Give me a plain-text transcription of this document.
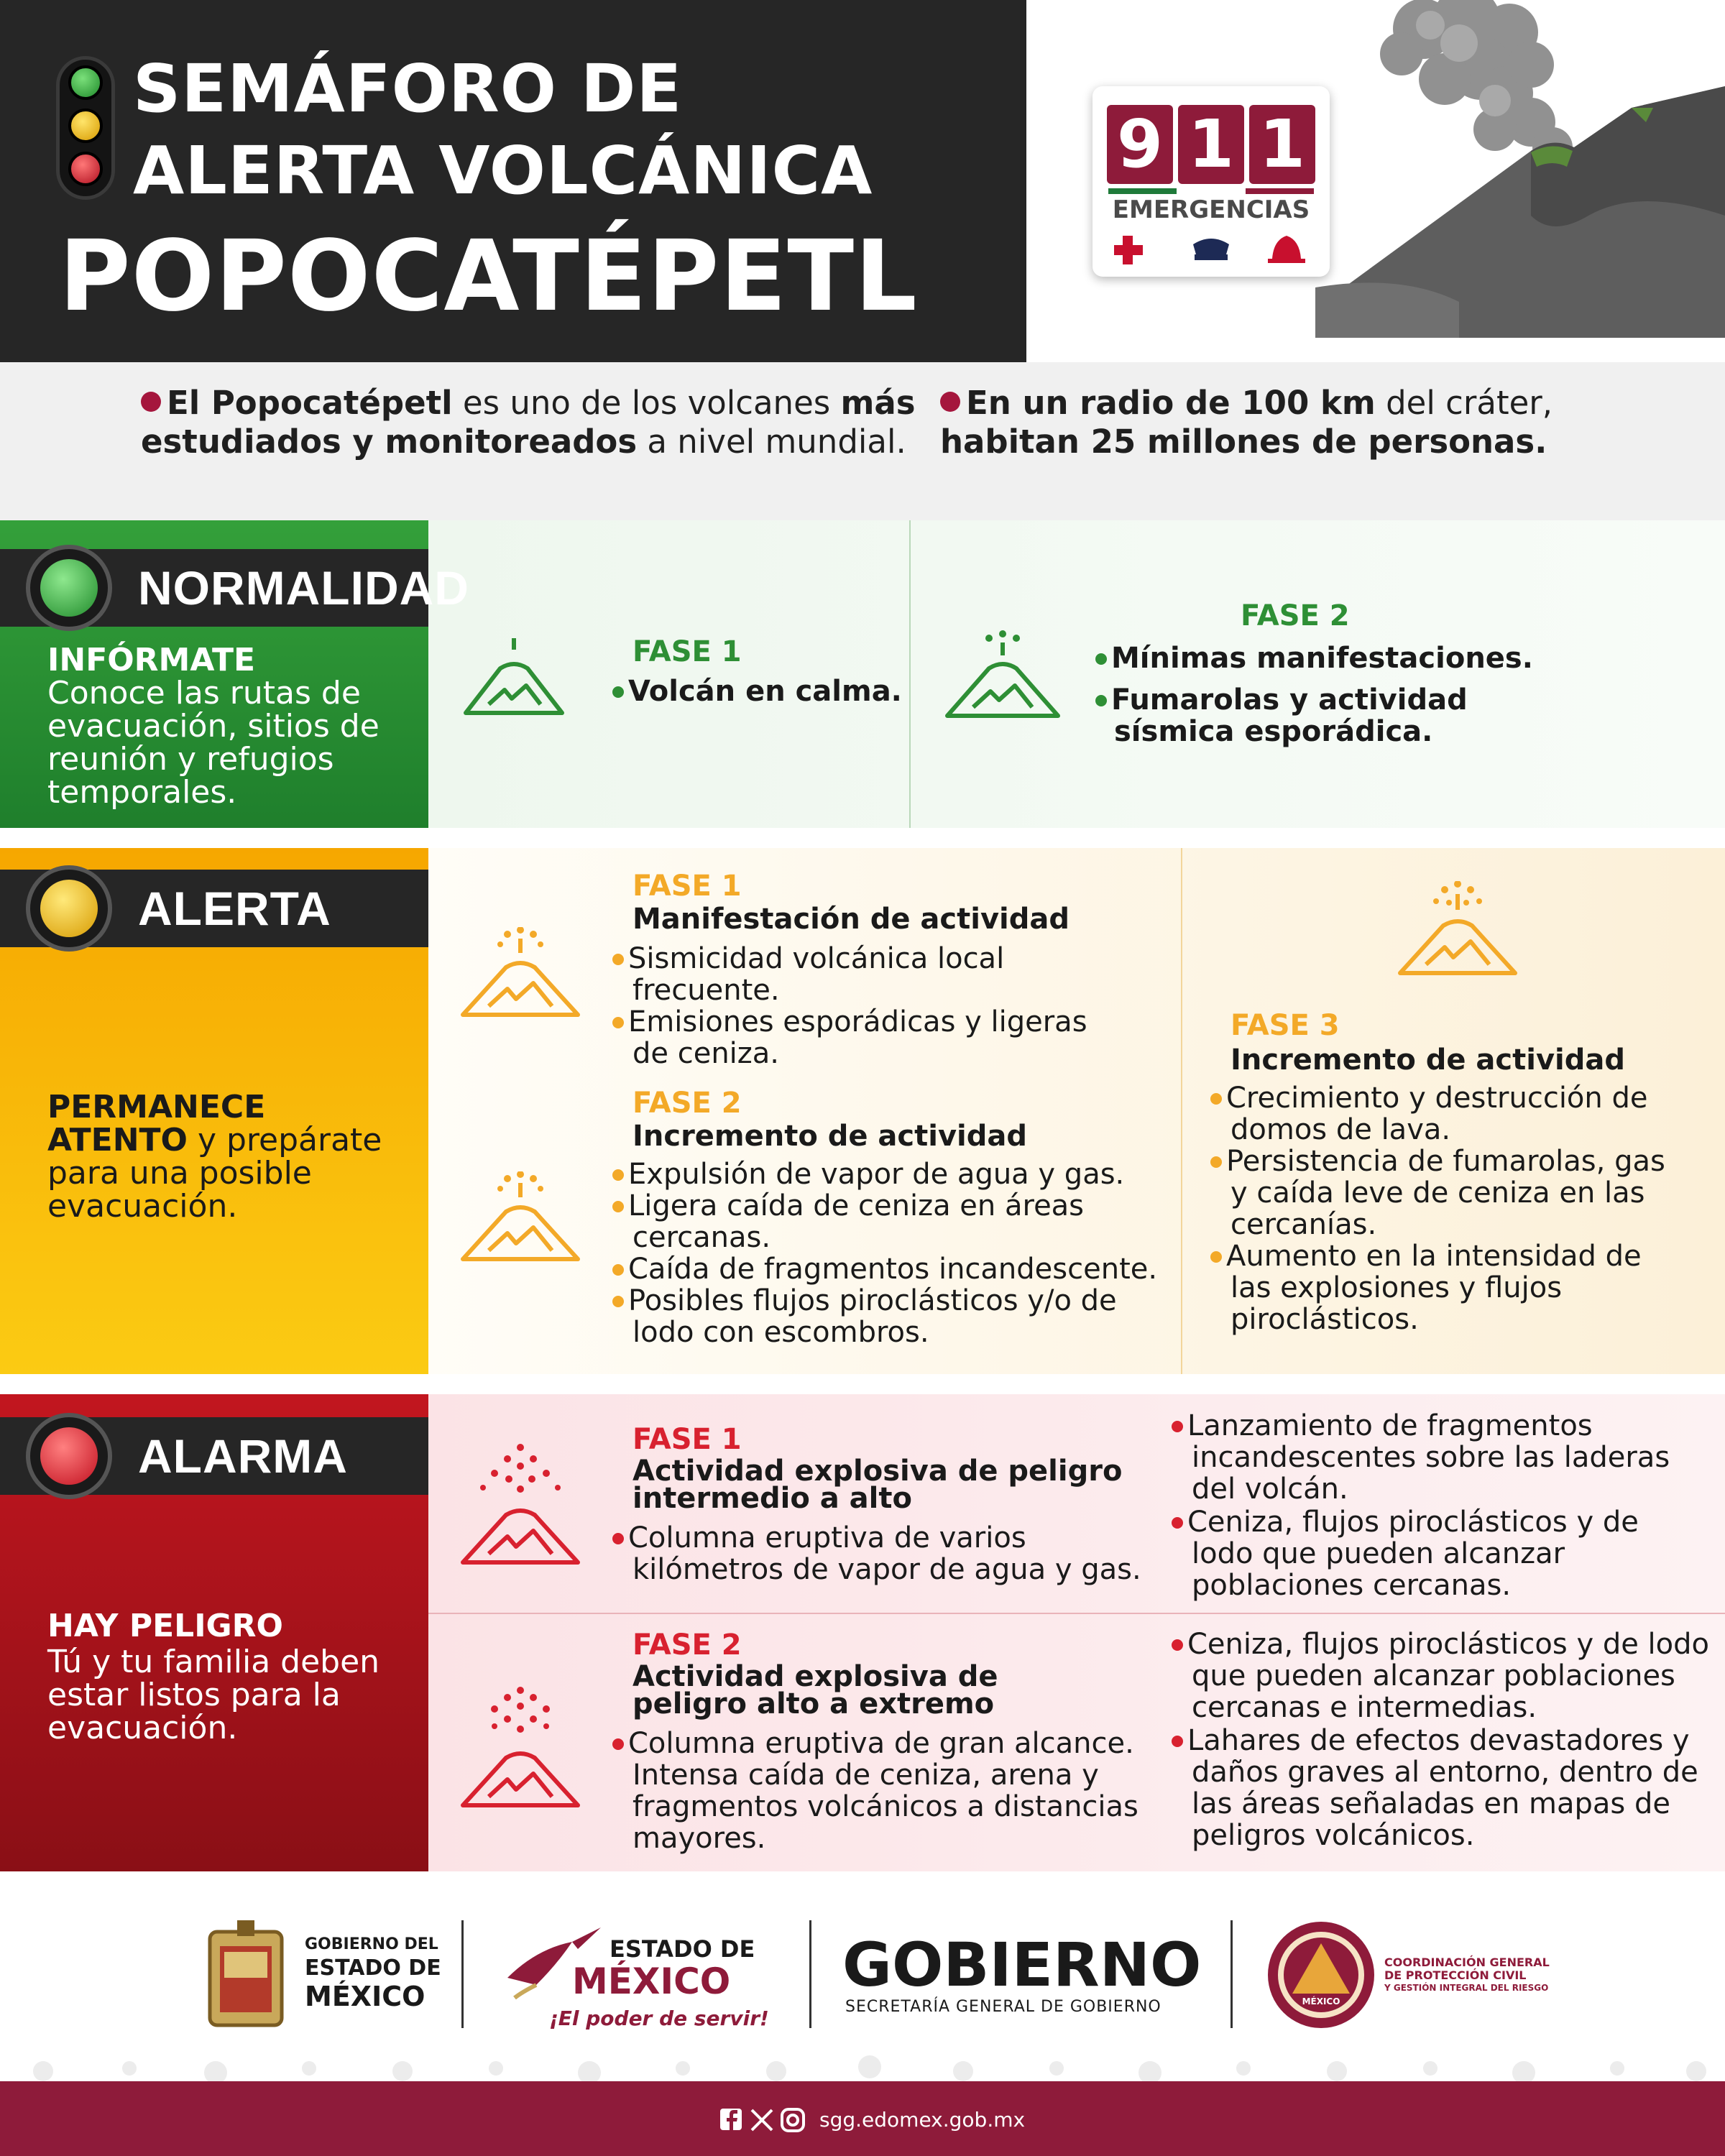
SEMÁFORO DE
ALERTA VOLCÁNICA
POPOCATÉPETL
9 1 1
EMERGENCIAS
El Popocatépetl es uno de los volcanes más estudiados y monitoreados a nivel mundial.
En un radio de 100 km del cráter, habitan 25 millones de personas.
NORMALIDAD
INFÓRMATE
Conoce las rutas de evacuación, sitios de reunión y refugios temporales.
FASE 1
Volcán en calma.
FASE 2
Mínimas manifestaciones.
Fumarolas y actividad sísmica esporádica.
ALERTA
PERMANECE
ATENTO y prepárate para una posible evacuación.
FASE 1
Manifestación de actividad
Sismicidad volcánica local frecuente.
Emisiones esporádicas y ligeras de ceniza.
FASE 2
Incremento de actividad
Expulsión de vapor de agua y gas.
Ligera caída de ceniza en áreas cercanas.
Caída de fragmentos incandescente.
Posibles flujos piroclásticos y/o de lodo con escombros.
FASE 3
Incremento de actividad
Crecimiento y destrucción de domos de lava.
Persistencia de fumarolas, gas y caída leve de ceniza en las cercanías.
Aumento en la intensidad de las explosiones y flujos piroclásticos.
ALARMA
HAY PELIGRO
Tú y tu familia deben estar listos para la evacuación.
FASE 1
Actividad explosiva de peligro intermedio a alto
Columna eruptiva de varios kilómetros de vapor de agua y gas.
Lanzamiento de fragmentos incandescentes sobre las laderas del volcán.
Ceniza, flujos piroclásticos y de lodo que pueden alcanzar poblaciones cercanas.
FASE 2
Actividad explosiva de peligro alto a extremo
Columna eruptiva de gran alcance. Intensa caída de ceniza, arena y fragmentos volcánicos a distancias mayores.
Ceniza, flujos piroclásticos y de lodo que pueden alcanzar poblaciones cercanas e intermedias.
Lahares de efectos devastadores y daños graves al entorno, dentro de las áreas señaladas en mapas de peligros volcánicos.
GOBIERNO DEL
ESTADO DE
MÉXICO
ESTADO DE
MÉXICO
¡El poder de servir!
GOBIERNO
SECRETARÍA GENERAL DE GOBIERNO	MÉXICO
COORDINACIÓN GENERAL
DE PROTECCIÓN CIVIL
Y GESTIÓN INTEGRAL DEL RIESGO
sgg.edomex.gob.mx
